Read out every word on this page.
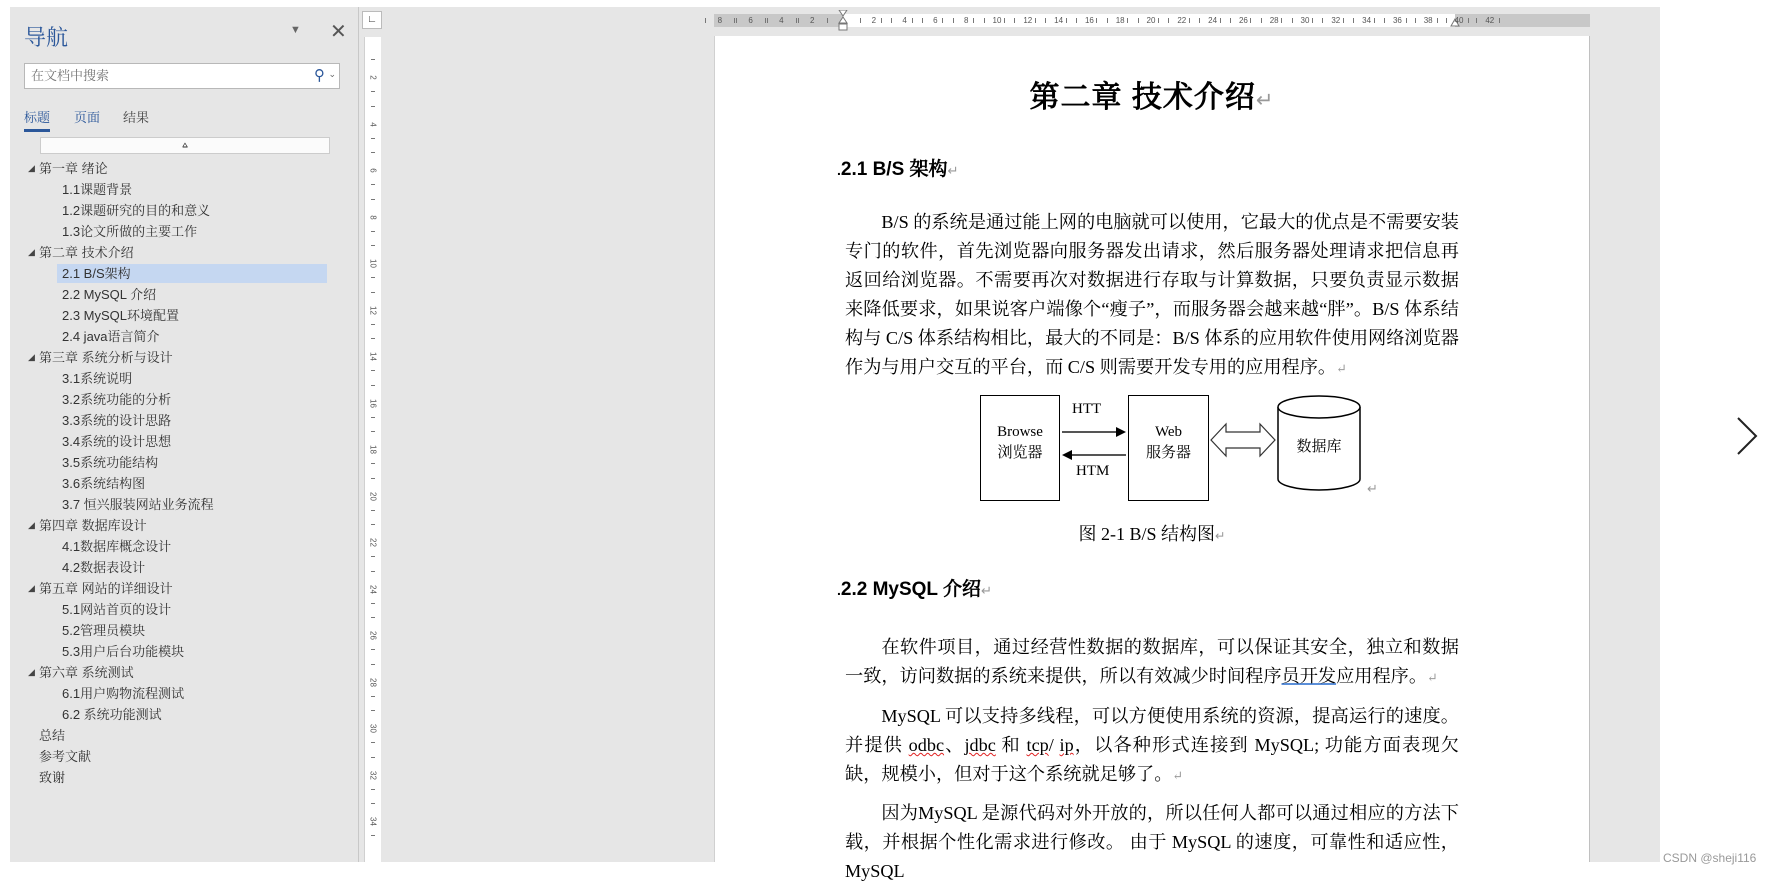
导航	▼ ✕
在文档中搜索
⚲ ⌄
标题 页面 结果
⩠
◢ 第一章 绪论
1.1课题背景
1.2课题研究的目的和意义
1.3论文所做的主要工作
◢ 第二章 技术介绍
2.1 B/S架构
2.2 MySQL 介绍
2.3 MySQL环境配置
2.4 java语言简介
◢ 第三章 系统分析与设计
3.1系统说明
3.2系统功能的分析
3.3系统的设计思路
3.4系统的设计思想
3.5系统功能结构
3.6系统结构图
3.7 恒兴服装网站业务流程
◢ 第四章 数据库设计
4.1数据库概念设计
4.2数据表设计
◢ 第五章 网站的详细设计
5.1网站首页的设计
5.2管理员模块
5.3用户后台功能模块
◢ 第六章 系统测试
6.1用户购物流程测试
6.2 系统功能测试
总结
参考文献
致谢
∟
2
4
6
8
10
12
14
16
18
20
22
24
26
28
30
32
34
8	6	4	2	2	4	6	8	10	12	14	16	18	20	22	24	26	28	30	32	34	36	38	40	42
第二章 技术介绍↵
.2.1 B/S 架构↵
B/S 的系统是通过能上网的电脑就可以使用，它最大的优点是不需要安装专门的软件，首先浏览器向服务器发出请求，然后服务器处理请求把信息再返回给浏览器。不需要再次对数据进行存取与计算数据，只要负责显示数据来降低要求，如果说客户端像个“瘦子”，而服务器会越来越“胖”。B/S 体系结构与 C/S 体系结构相比，最大的不同是：B/S 体系的应用软件使用网络浏览器作为与用户交互的平台，而 C/S 则需要开发专用的应用程序。↵
Browse
浏览器
HTT
HTM
Web
服务器	数据库
↵
图 2-1 B/S 结构图↵
.2.2 MySQL 介绍↵
在软件项目，通过经营性数据的数据库，可以保证其安全，独立和数据一致，访问数据的系统来提供，所以有效减少时间程序员开发应用程序。↵
MySQL 可以支持多线程，可以方便使用系统的资源，提高运行的速度。并提供 odbc、jdbc 和 tcp/ ip，以各种形式连接到 MySQL; 功能方面表现欠缺，规模小，但对于这个系统就足够了。↵
因为MySQL 是源代码对外开放的，所以任何人都可以通过相应的方法下载，并根据个性化需求进行修改。 由于 MySQL 的速度，可靠性和适应性，MySQL
CSDN @sheji116
